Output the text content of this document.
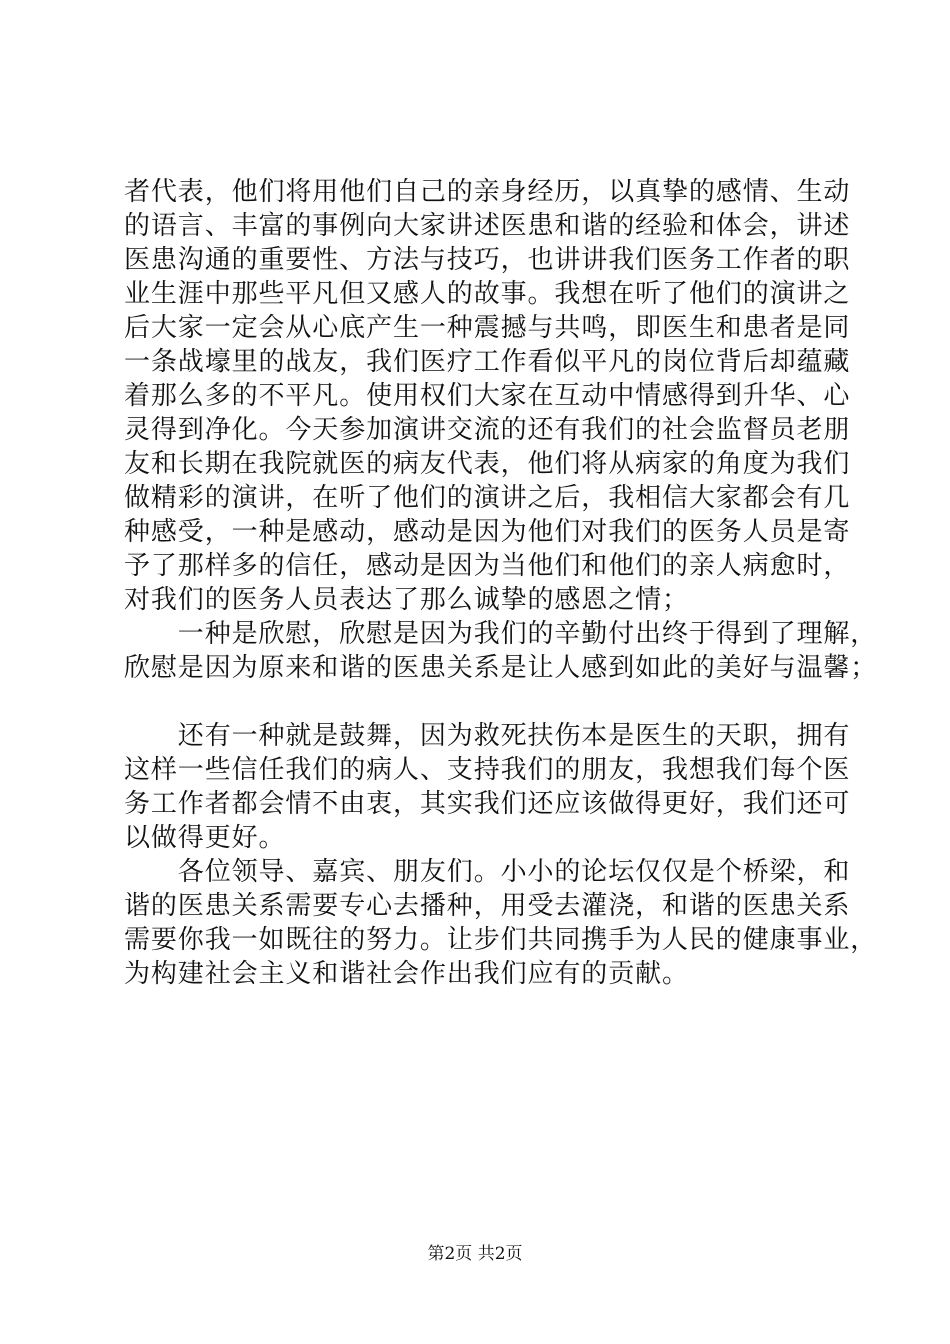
者代表，他们将用他们自己的亲身经历，以真挚的感情、生动
的语言、丰富的事例向大家讲述医患和谐的经验和体会，讲述
医患沟通的重要性、方法与技巧，也讲讲我们医务工作者的职
业生涯中那些平凡但又感人的故事。我想在听了他们的演讲之
后大家一定会从心底产生一种震撼与共鸣，即医生和患者是同
一条战壕里的战友，我们医疗工作看似平凡的岗位背后却蕴藏
着那么多的不平凡。使用权们大家在互动中情感得到升华、心
灵得到净化。今天参加演讲交流的还有我们的社会监督员老朋
友和长期在我院就医的病友代表，他们将从病家的角度为我们
做精彩的演讲，在听了他们的演讲之后，我相信大家都会有几
种感受，一种是感动，感动是因为他们对我们的医务人员是寄
予了那样多的信任，感动是因为当他们和他们的亲人病愈时，
对我们的医务人员表达了那么诚挚的感恩之情；
　　一种是欣慰，欣慰是因为我们的辛勤付出终于得到了理解，
欣慰是因为原来和谐的医患关系是让人感到如此的美好与温馨；
　　还有一种就是鼓舞，因为救死扶伤本是医生的天职，拥有
这样一些信任我们的病人、支持我们的朋友，我想我们每个医
务工作者都会情不由衷，其实我们还应该做得更好，我们还可
以做得更好。
　　各位领导、嘉宾、朋友们。小小的论坛仅仅是个桥梁，和
谐的医患关系需要专心去播种，用受去灌浇，和谐的医患关系
需要你我一如既往的努力。让步们共同携手为人民的健康事业，
为构建社会主义和谐社会作出我们应有的贡献。
第2页 共2页
